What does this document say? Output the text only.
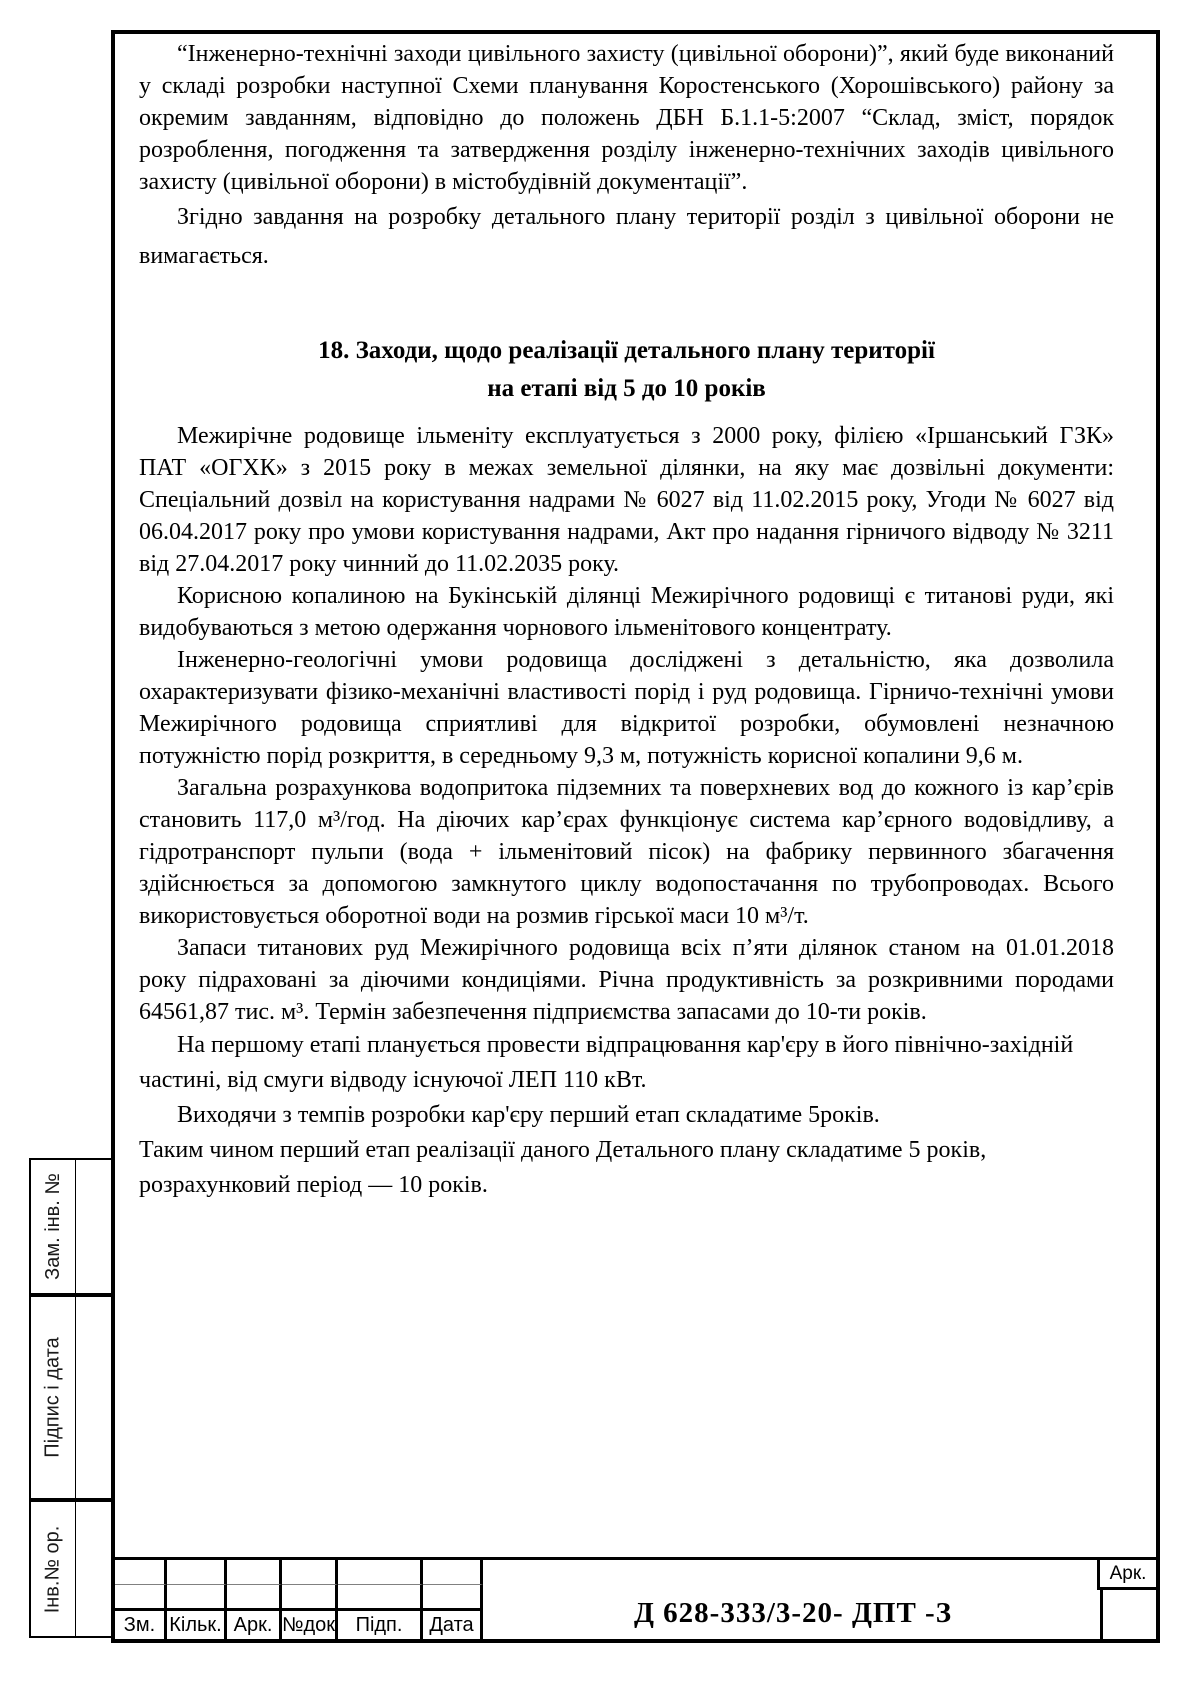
Зам. інв. №
Підпис і дата
Інв.№ ор.

“Інженерно-технічні заходи цивільного захисту (цивільної оборони)”, який буде виконаний у складі розробки наступної Схеми планування Коростенського (Хорошівського) району за окремим завданням, відповідно до положень ДБН Б.1.1-5:2007 “Склад, зміст, порядок розроблення, погодження та затвердження розділу інженерно-технічних заходів цивільного захисту (цивільної оборони) в містобудівній документації”.

Згідно завдання на розробку детального плану території розділ з цивільної оборони не вимагається.

18. Заходи, щодо реалізації детального плану території
на етапі від 5 до 10 років

Межирічне родовище ільменіту експлуатується з 2000 року, філією «Іршанський ГЗК» ПАТ «ОГХК» з 2015 року в межах земельної ділянки, на яку має дозвільні документи: Спеціальний дозвіл на користування надрами № 6027 від 11.02.2015 року, Угоди № 6027 від 06.04.2017 року про умови користування надрами, Акт про надання гірничого відводу № 3211 від 27.04.2017 року чинний до 11.02.2035 року.

Корисною копалиною на Букінській ділянці Межирічного родовищі є титанові руди, які видобуваються з метою одержання чорнового ільменітового концентрату.

Інженерно-геологічні умови родовища досліджені з детальністю, яка дозволила охарактеризувати фізико-механічні властивості порід і руд родовища. Гірничо-технічні умови Межирічного родовища сприятливі для відкритої розробки, обумовлені незначною потужністю порід розкриття, в середньому 9,3 м, потужність корисної копалини 9,6 м.

Загальна розрахункова водопритока підземних та поверхневих вод до кожного із кар’єрів становить 117,0 м³/год. На діючих кар’єрах функціонує система кар’єрного водовідливу, а гідротранспорт пульпи (вода + ільменітовий пісок) на фабрику первинного збагачення здійснюється за допомогою замкнутого циклу водопостачання по трубопроводах. Всього використовується оборотної води на розмив гірської маси 10 м³/т.

Запаси титанових руд Межирічного родовища всіх п’яти ділянок станом на 01.01.2018 року підраховані за діючими кондиціями. Річна продуктивність за розкривними породами 64561,87 тис. м³. Термін забезпечення підприємства запасами до 10-ти років.

На першому етапі планується провести відпрацювання кар'єру в його північно-західній частині, від смуги відводу існуючої ЛЕП 110 кВт.

Виходячи з темпів розробки кар'єру перший етап складатиме 5років.

Таким чином перший етап реалізації даного Детального плану складатиме 5 років, розрахунковий період — 10 років.

Зм. Кільк. Арк. №док	Підп.	Дата	Д 628-333/3-20- ДПТ -З
Арк.
